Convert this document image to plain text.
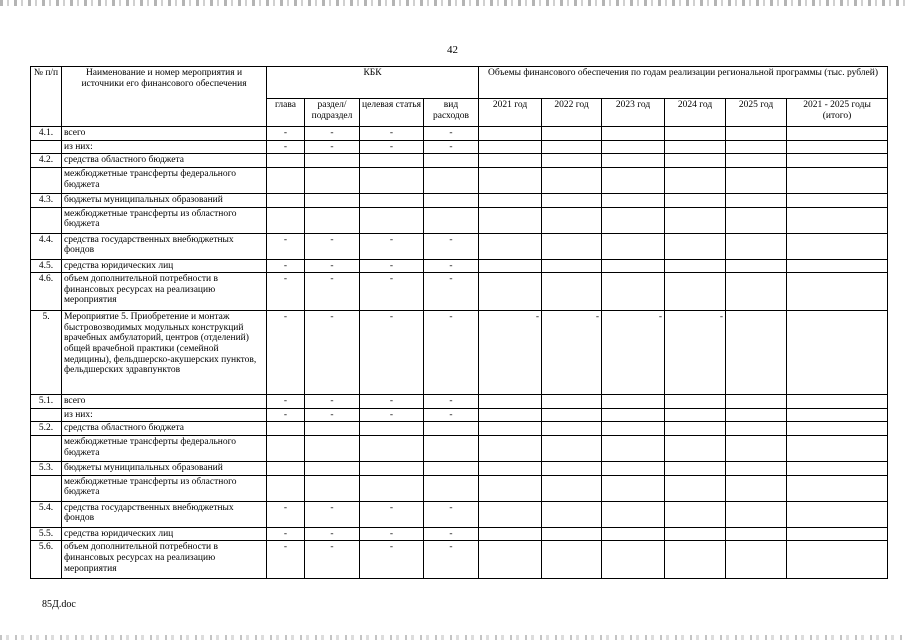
42
№ п/п	Наименование и номер мероприятия и источники его финансового обеспечения	КБК				Объемы финансового обеспечения по годам реализации региональной программы (тыс. рублей)					
		глава	раздел/ подраздел	целевая статья	вид расходов	2021 год	2022 год	2023 год	2024 год	2025 год	2021 - 2025 годы (итого)
4.1.	всего	-	-	-	-						
	из них:	-	-	-	-						
4.2.	средства областного бюджета										
	межбюджетные трансферты федерального бюджета										
4.3.	бюджеты муниципальных образований										
	межбюджетные трансферты из областного бюджета										
4.4.	средства государственных внебюджетных фондов	-	-	-	-						
4.5.	средства юридических лиц	-	-	-	-						
4.6.	объем дополнительной потребности в финансовых ресурсах на реализацию мероприятия	-	-	-	-						
5.	Мероприятие 5. Приобретение и монтаж быстровозводимых модульных конструкций врачебных амбулаторий, центров (отделений) общей врачебной практики (семейной медицины), фельдшерско-акушерских пунктов, фельдшерских здравпунктов	-	-	-	-	-	-	-	-		
5.1.	всего	-	-	-	-						
	из них:	-	-	-	-						
5.2.	средства областного бюджета										
	межбюджетные трансферты федерального бюджета										
5.3.	бюджеты муниципальных образований										
	межбюджетные трансферты из областного бюджета										
5.4.	средства государственных внебюджетных фондов	-	-	-	-						
5.5.	средства юридических лиц	-	-	-	-						
5.6.	объем дополнительной потребности в финансовых ресурсах на реализацию мероприятия	-	-	-	-						
85Д.doc
